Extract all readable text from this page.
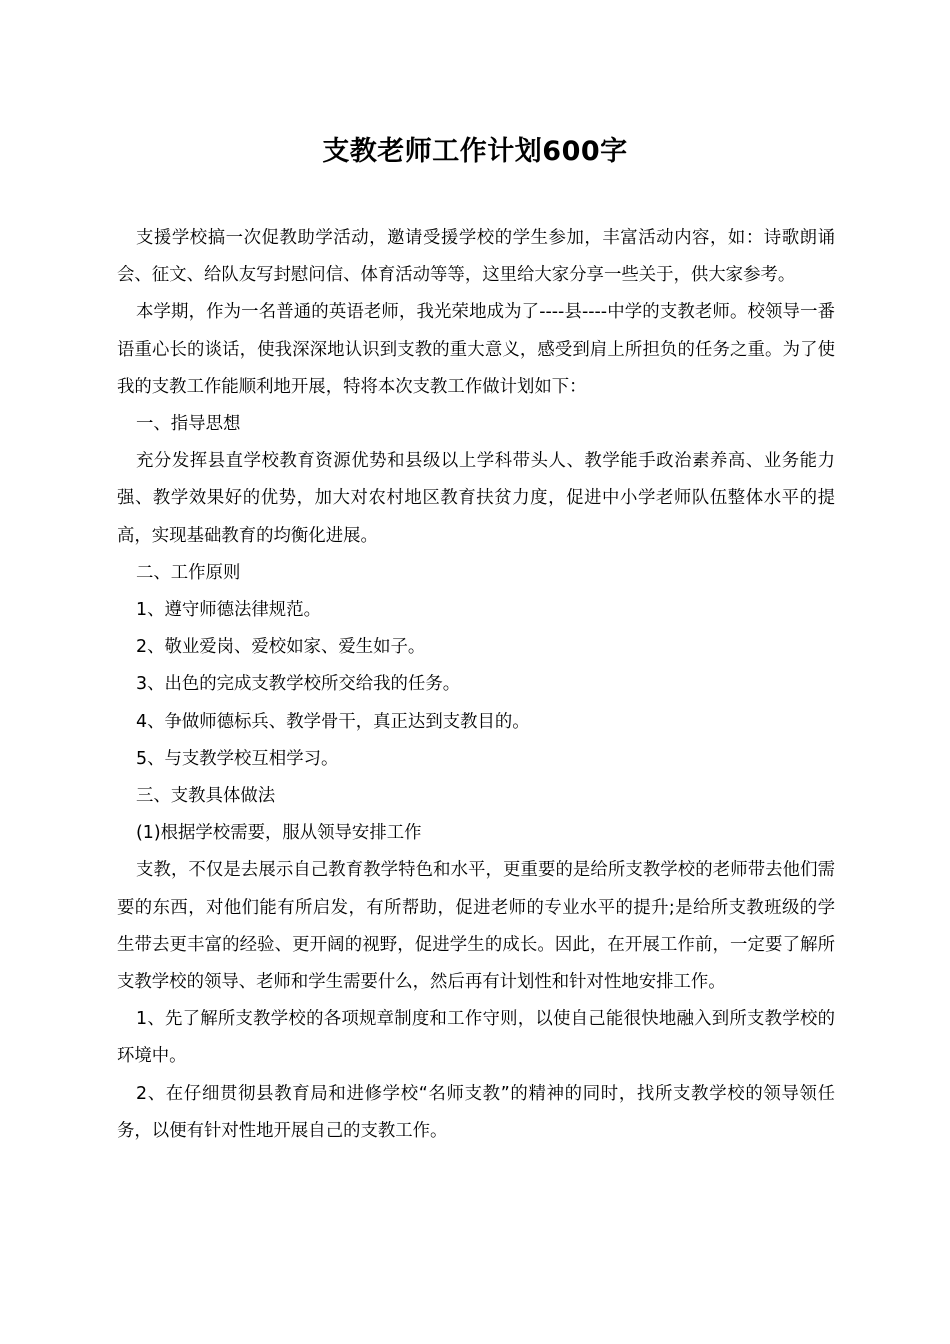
支教老师工作计划600字

支援学校搞一次促教助学活动，邀请受援学校的学生参加，丰富活动内容，如：诗歌朗诵会、征文、给队友写封慰问信、体育活动等等，这里给大家分享一些关于，供大家参考。

本学期，作为一名普通的英语老师，我光荣地成为了----县----中学的支教老师。校领导一番语重心长的谈话，使我深深地认识到支教的重大意义，感受到肩上所担负的任务之重。为了使我的支教工作能顺利地开展，特将本次支教工作做计划如下：

一、指导思想

充分发挥县直学校教育资源优势和县级以上学科带头人、教学能手政治素养高、业务能力强、教学效果好的优势，加大对农村地区教育扶贫力度，促进中小学老师队伍整体水平的提高，实现基础教育的均衡化进展。

二、工作原则

1、遵守师德法律规范。

2、敬业爱岗、爱校如家、爱生如子。

3、出色的完成支教学校所交给我的任务。

4、争做师德标兵、教学骨干，真正达到支教目的。

5、与支教学校互相学习。

三、支教具体做法

(1)根据学校需要，服从领导安排工作

支教，不仅是去展示自己教育教学特色和水平，更重要的是给所支教学校的老师带去他们需要的东西，对他们能有所启发，有所帮助，促进老师的专业水平的提升;是给所支教班级的学生带去更丰富的经验、更开阔的视野，促进学生的成长。因此，在开展工作前，一定要了解所支教学校的领导、老师和学生需要什么，然后再有计划性和针对性地安排工作。

1、先了解所支教学校的各项规章制度和工作守则，以使自己能很快地融入到所支教学校的环境中。

2、在仔细贯彻县教育局和进修学校“名师支教”的精神的同时，找所支教学校的领导领任务，以便有针对性地开展自己的支教工作。
